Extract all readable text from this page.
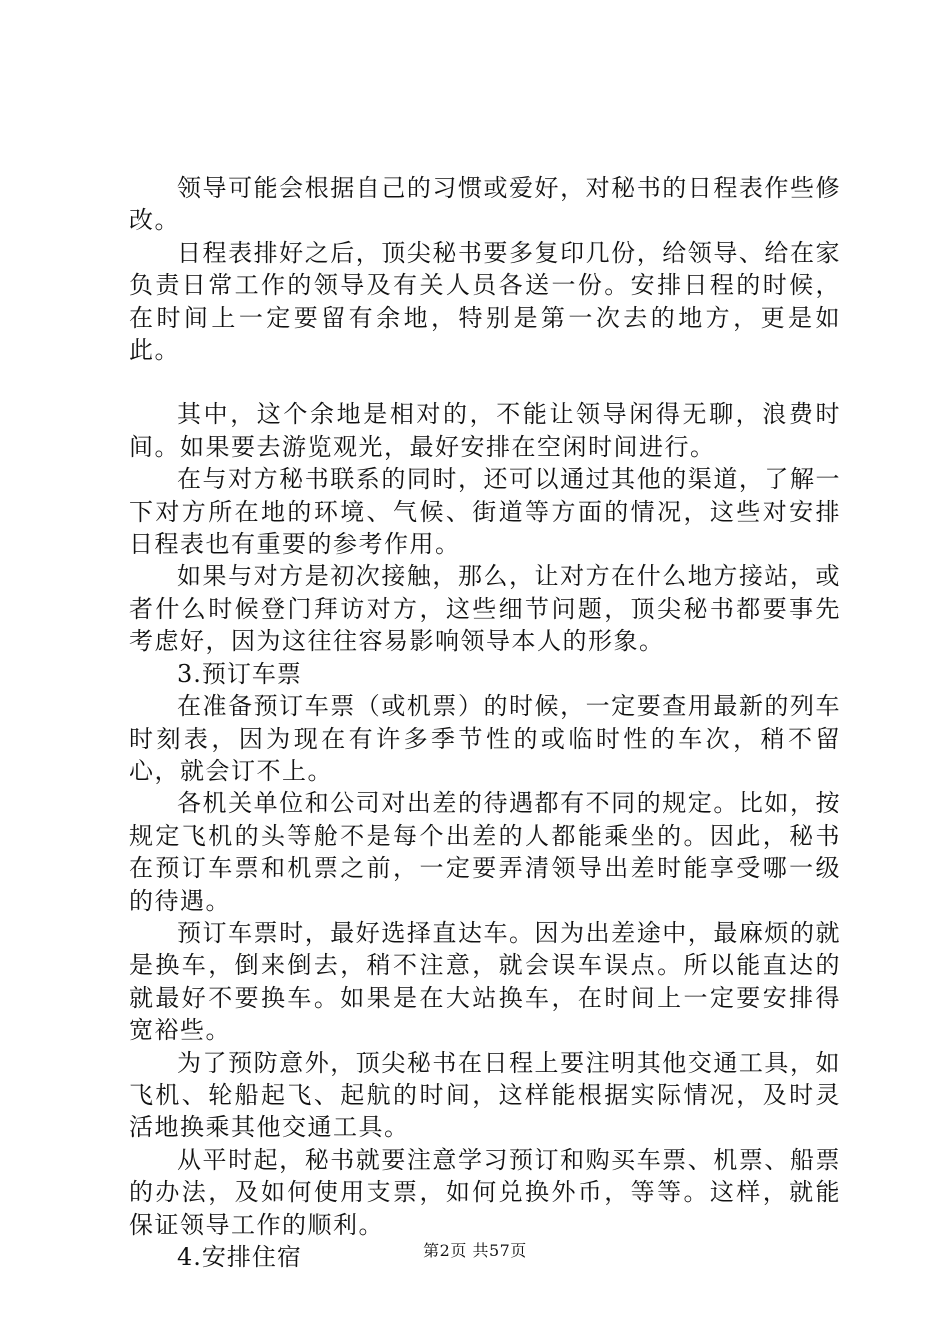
领导可能会根据自己的习惯或爱好，对秘书的日程表作些修改。

日程表排好之后，顶尖秘书要多复印几份，给领导、给在家负责日常工作的领导及有关人员各送一份。安排日程的时候，在时间上一定要留有余地，特别是第一次去的地方，更是如此。

其中，这个余地是相对的，不能让领导闲得无聊，浪费时间。如果要去游览观光，最好安排在空闲时间进行。

在与对方秘书联系的同时，还可以通过其他的渠道，了解一下对方所在地的环境、气候、街道等方面的情况，这些对安排日程表也有重要的参考作用。

如果与对方是初次接触，那么，让对方在什么地方接站，或者什么时候登门拜访对方，这些细节问题，顶尖秘书都要事先考虑好，因为这往往容易影响领导本人的形象。

3.预订车票

在准备预订车票（或机票）的时候，一定要查用最新的列车时刻表，因为现在有许多季节性的或临时性的车次，稍不留心，就会订不上。

各机关单位和公司对出差的待遇都有不同的规定。比如，按规定飞机的头等舱不是每个出差的人都能乘坐的。因此，秘书在预订车票和机票之前，一定要弄清领导出差时能享受哪一级的待遇。

预订车票时，最好选择直达车。因为出差途中，最麻烦的就是换车，倒来倒去，稍不注意，就会误车误点。所以能直达的就最好不要换车。如果是在大站换车，在时间上一定要安排得宽裕些。

为了预防意外，顶尖秘书在日程上要注明其他交通工具，如飞机、轮船起飞、起航的时间，这样能根据实际情况，及时灵活地换乘其他交通工具。

从平时起，秘书就要注意学习预订和购买车票、机票、船票的办法，及如何使用支票，如何兑换外币，等等。这样，就能保证领导工作的顺利。

4.安排住宿	第2页 共57页
